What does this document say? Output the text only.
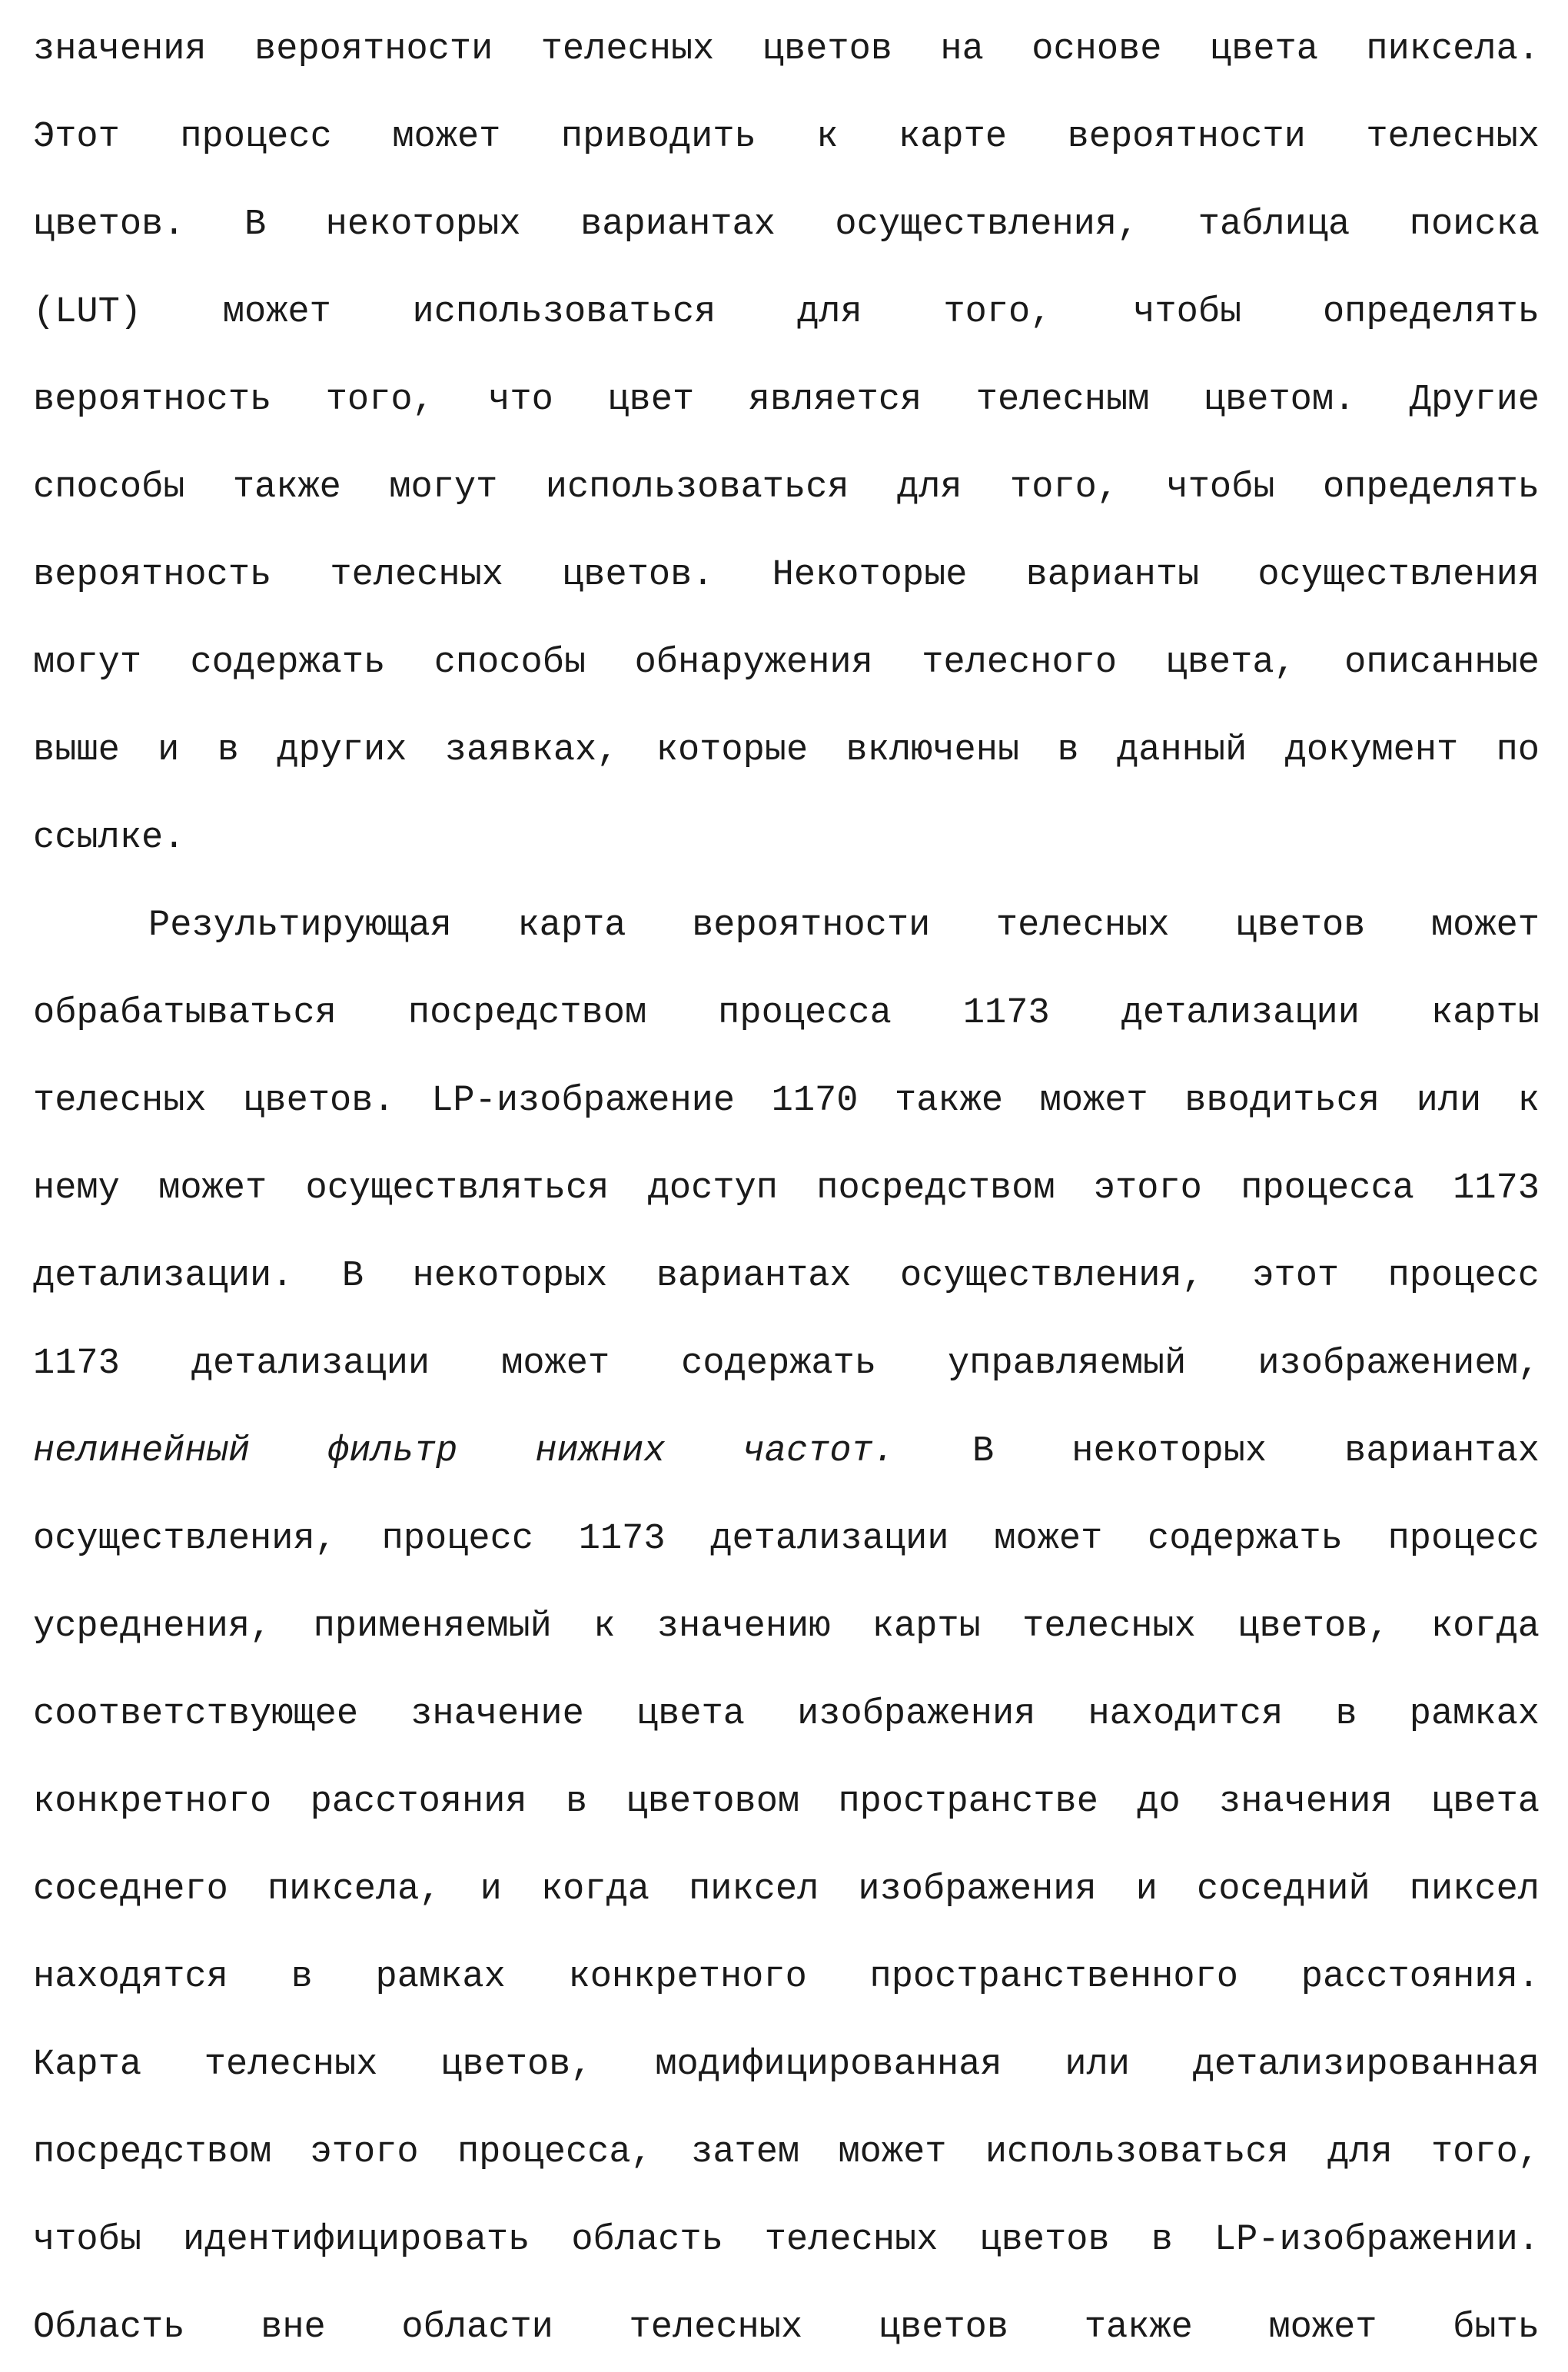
значения вероятности телесных цветов на основе цвета пиксела.
Этот процесс может приводить к карте вероятности телесных
цветов. В некоторых вариантах осуществления, таблица поиска
(LUT) может использоваться для того, чтобы определять
вероятность того, что цвет является телесным цветом. Другие
способы также могут использоваться для того, чтобы определять
вероятность телесных цветов. Некоторые варианты осуществления
могут содержать способы обнаружения телесного цвета, описанные
выше и в других заявках, которые включены в данный документ по
ссылке.
Результирующая карта вероятности телесных цветов может
обрабатываться посредством процесса 1173 детализации карты
телесных цветов. LP-изображение 1170 также может вводиться или к
нему может осуществляться доступ посредством этого процесса 1173
детализации. В некоторых вариантах осуществления, этот процесс
1173 детализации может содержать управляемый изображением,
нелинейный фильтр нижних частот. В некоторых вариантах
осуществления, процесс 1173 детализации может содержать процесс
усреднения, применяемый к значению карты телесных цветов, когда
соответствующее значение цвета изображения находится в рамках
конкретного расстояния в цветовом пространстве до значения цвета
соседнего пиксела, и когда пиксел изображения и соседний пиксел
находятся в рамках конкретного пространственного расстояния.
Карта телесных цветов, модифицированная или детализированная
посредством этого процесса, затем может использоваться для того,
чтобы идентифицировать область телесных цветов в LP-изображении.
Область вне области телесных цветов также может быть
